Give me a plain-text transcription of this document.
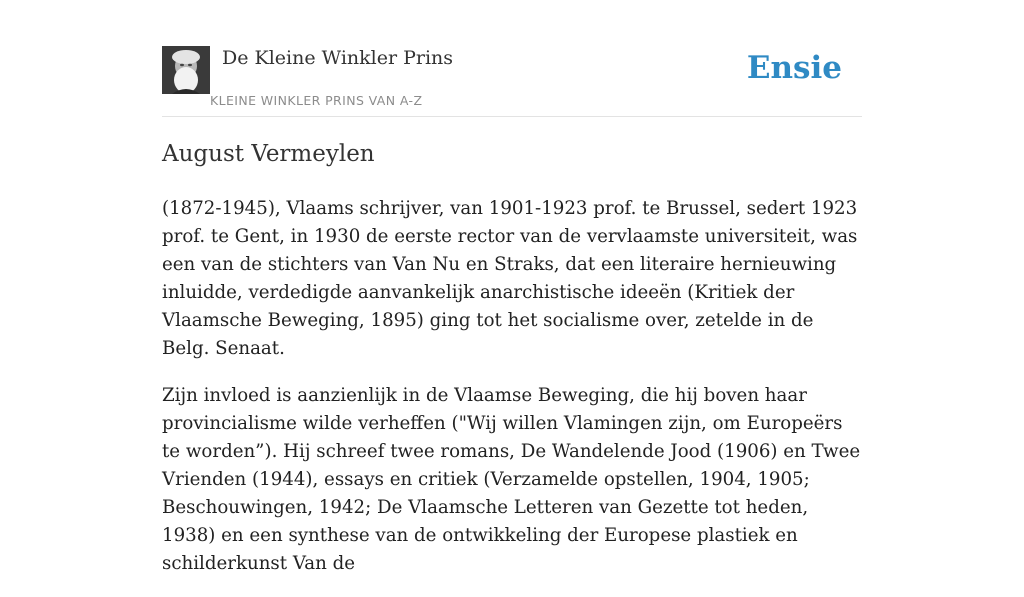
De Kleine Winkler Prins
KLEINE WINKLER PRINS VAN A-Z
Ensie
August Vermeylen

(1872-1945), Vlaams schrijver, van 1901-1923 prof. te Brussel, sedert 1923 prof. te Gent, in 1930 de eerste rector van de vervlaamste universiteit, was een van de stichters van Van Nu en Straks, dat een literaire hernieuwing inluidde, verdedigde aanvankelijk anarchistische ideeën (Kritiek der Vlaamsche Beweging, 1895) ging tot het socialisme over, zetelde in de Belg. Senaat.

Zijn invloed is aanzienlijk in de Vlaamse Beweging, die hij boven haar provincialisme wilde verheffen ("Wij willen Vlamingen zijn, om Europeërs te worden”). Hij schreef twee romans, De Wandelende Jood (1906) en Twee Vrienden (1944), essays en critiek (Verzamelde opstellen, 1904, 1905; Beschouwingen, 1942; De Vlaamsche Letteren van Gezette tot heden, 1938) en een synthese van de ontwikkeling der Europese plastiek en schilderkunst Van de
